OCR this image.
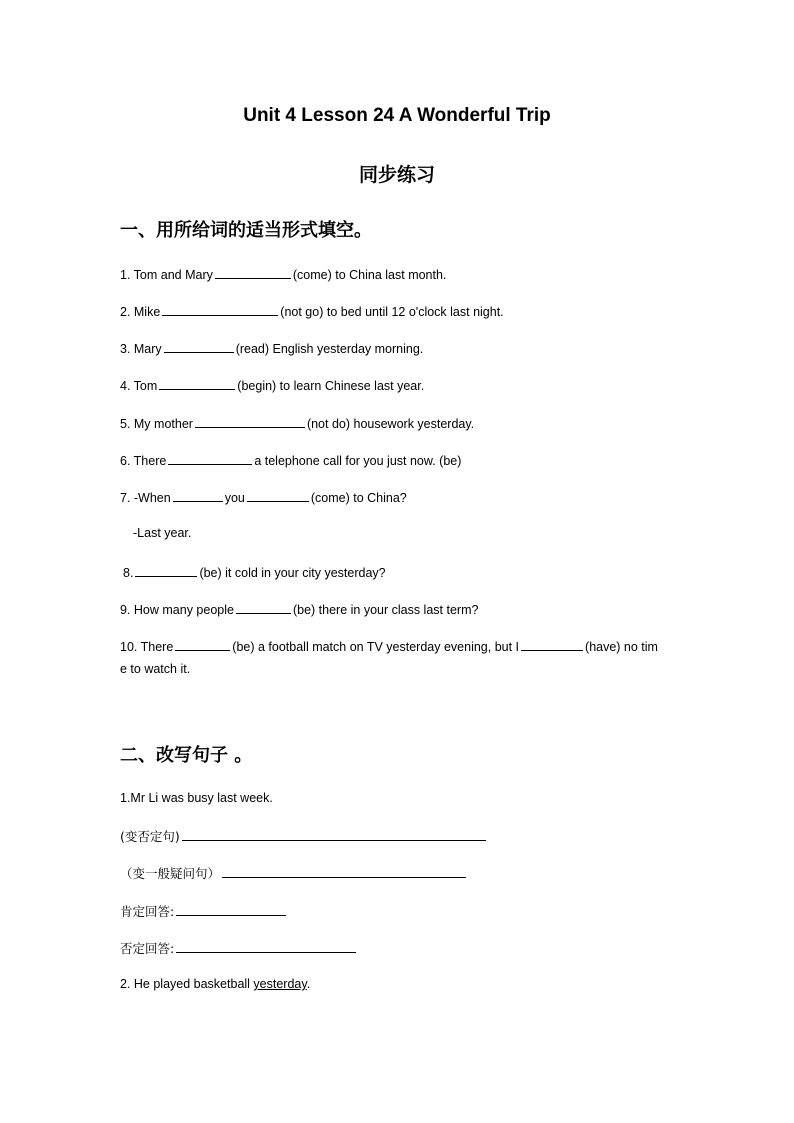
Unit 4 Lesson 24 A Wonderful Trip
同步练习
一、用所给词的适当形式填空。
1. Tom and Mary	(come) to China last month.
2. Mike	(not go) to bed until 12 o'clock last night.
3. Mary	(read) English yesterday morning.
4. Tom	(begin) to learn Chinese last year.
5. My mother	(not do) housework yesterday.
6. There	a telephone call for you just now. (be)
7. -When	you	(come) to China?
-Last year.
8.	(be) it cold in your city yesterday?
9. How many people	(be) there in your class last term?
10. There	(be) a football match on TV yesterday evening, but I	(have) no tim
e to watch it.
二、改写句子 。
1.Mr Li was busy last week.
(变否定句)
（变一般疑问句）
肯定回答:
否定回答:
2. He played basketball yesterday.
